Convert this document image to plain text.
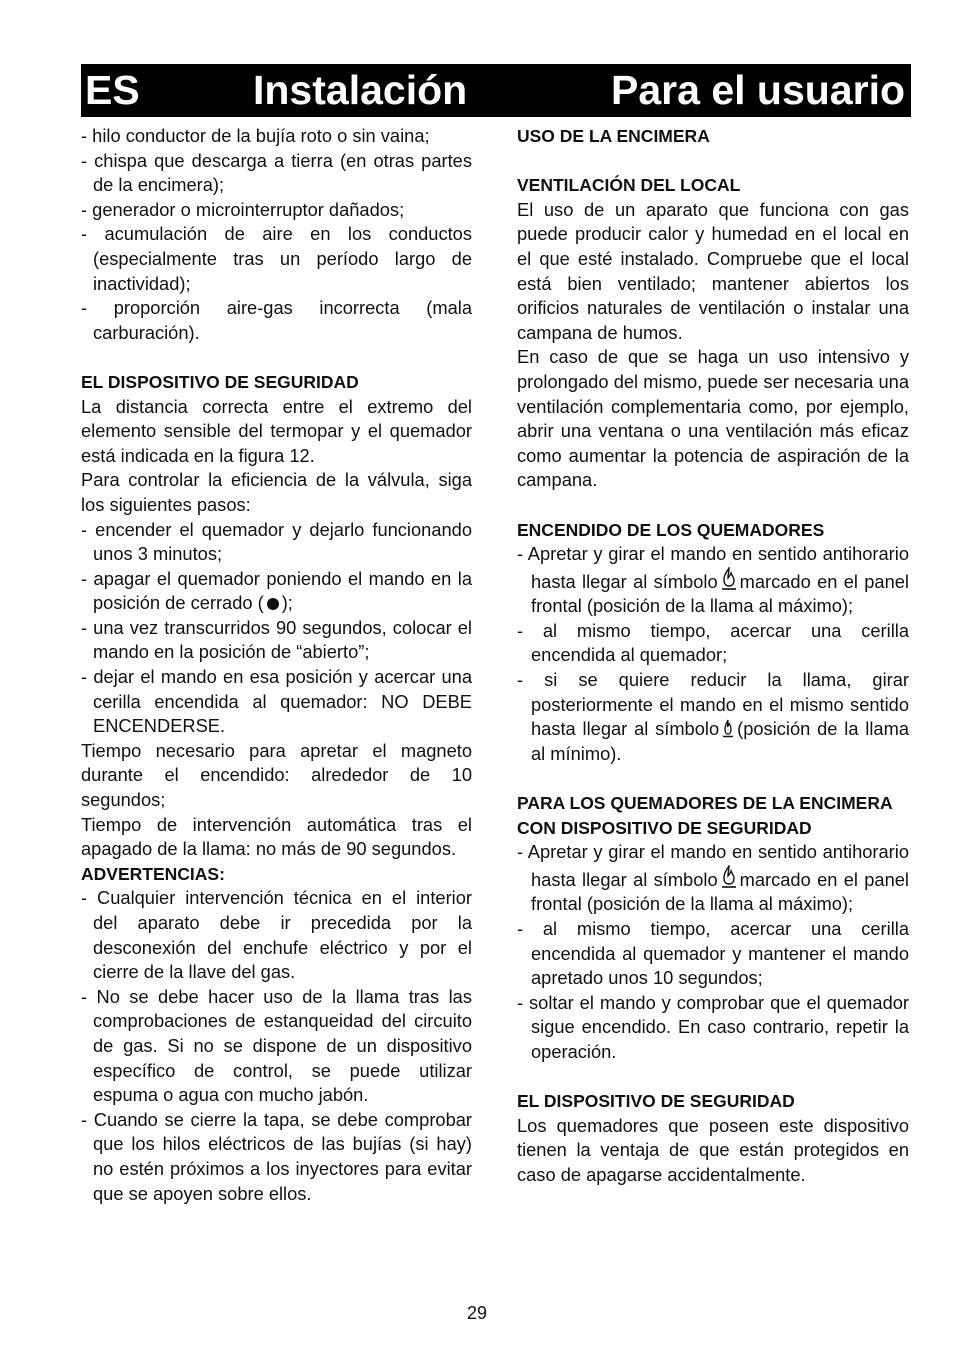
ES	Instalación	Para el usuario

- hilo conductor de la bujía roto o sin vaina;

- chispa que descarga a tierra (en otras partes de la encimera);

- generador o microinterruptor dañados;

- acumulación de aire en los conductos (especialmente tras un período largo de inactividad);

- proporción aire-gas incorrecta (mala carburación).

EL DISPOSITIVO DE SEGURIDAD

La distancia correcta entre el extremo del elemento sensible del termopar y el quemador está indicada en la figura 12.

Para controlar la eficiencia de la válvula, siga los siguientes pasos:

- encender el quemador y dejarlo funcionando unos 3 minutos;

- apagar el quemador poniendo el mando en la posición de cerrado ( );

- una vez transcurridos 90 segundos, colocar el mando en la posición de “abierto”;

- dejar el mando en esa posición y acercar una cerilla encendida al quemador: NO DEBE ENCENDERSE.

Tiempo necesario para apretar el magneto durante el encendido: alrededor de 10 segundos;

Tiempo de intervención automática tras el apagado de la llama: no más de 90 segundos.

ADVERTENCIAS:

- Cualquier intervención técnica en el interior del aparato debe ir precedida por la desconexión del enchufe eléctrico y por el cierre de la llave del gas.

- No se debe hacer uso de la llama tras las comprobaciones de estanqueidad del circuito de gas. Si no se dispone de un dispositivo específico de control, se puede utilizar espuma o agua con mucho jabón.

- Cuando se cierre la tapa, se debe comprobar que los hilos eléctricos de las bujías (si hay) no estén próximos a los inyectores para evitar que se apoyen sobre ellos.

USO DE LA ENCIMERA

VENTILACIÓN DEL LOCAL

El uso de un aparato que funciona con gas puede producir calor y humedad en el local en el que esté instalado. Compruebe que el local está bien ventilado; mantener abiertos los orificios naturales de ventilación o instalar una campana de humos.

En caso de que se haga un uso intensivo y prolongado del mismo, puede ser necesaria una ventilación complementaria como, por ejemplo, abrir una ventana o una ventilación más eficaz como aumentar la potencia de aspiración de la campana.

ENCENDIDO DE LOS QUEMADORES

- Apretar y girar el mando en sentido antihorario hasta llegar al símbolo marcado en el panel frontal (posición de la llama al máximo);

- al mismo tiempo, acercar una cerilla encendida al quemador;

- si se quiere reducir la llama, girar posteriormente el mando en el mismo sentido hasta llegar al símbolo (posición de la llama al mínimo).

PARA LOS QUEMADORES DE LA ENCIMERA CON DISPOSITIVO DE SEGURIDAD

- Apretar y girar el mando en sentido antihorario hasta llegar al símbolo marcado en el panel frontal (posición de la llama al máximo);

- al mismo tiempo, acercar una cerilla encendida al quemador y mantener el mando apretado unos 10 segundos;

- soltar el mando y comprobar que el quemador sigue encendido. En caso contrario, repetir la operación.

EL DISPOSITIVO DE SEGURIDAD

Los quemadores que poseen este dispositivo tienen la ventaja de que están protegidos en caso de apagarse accidentalmente.

29
